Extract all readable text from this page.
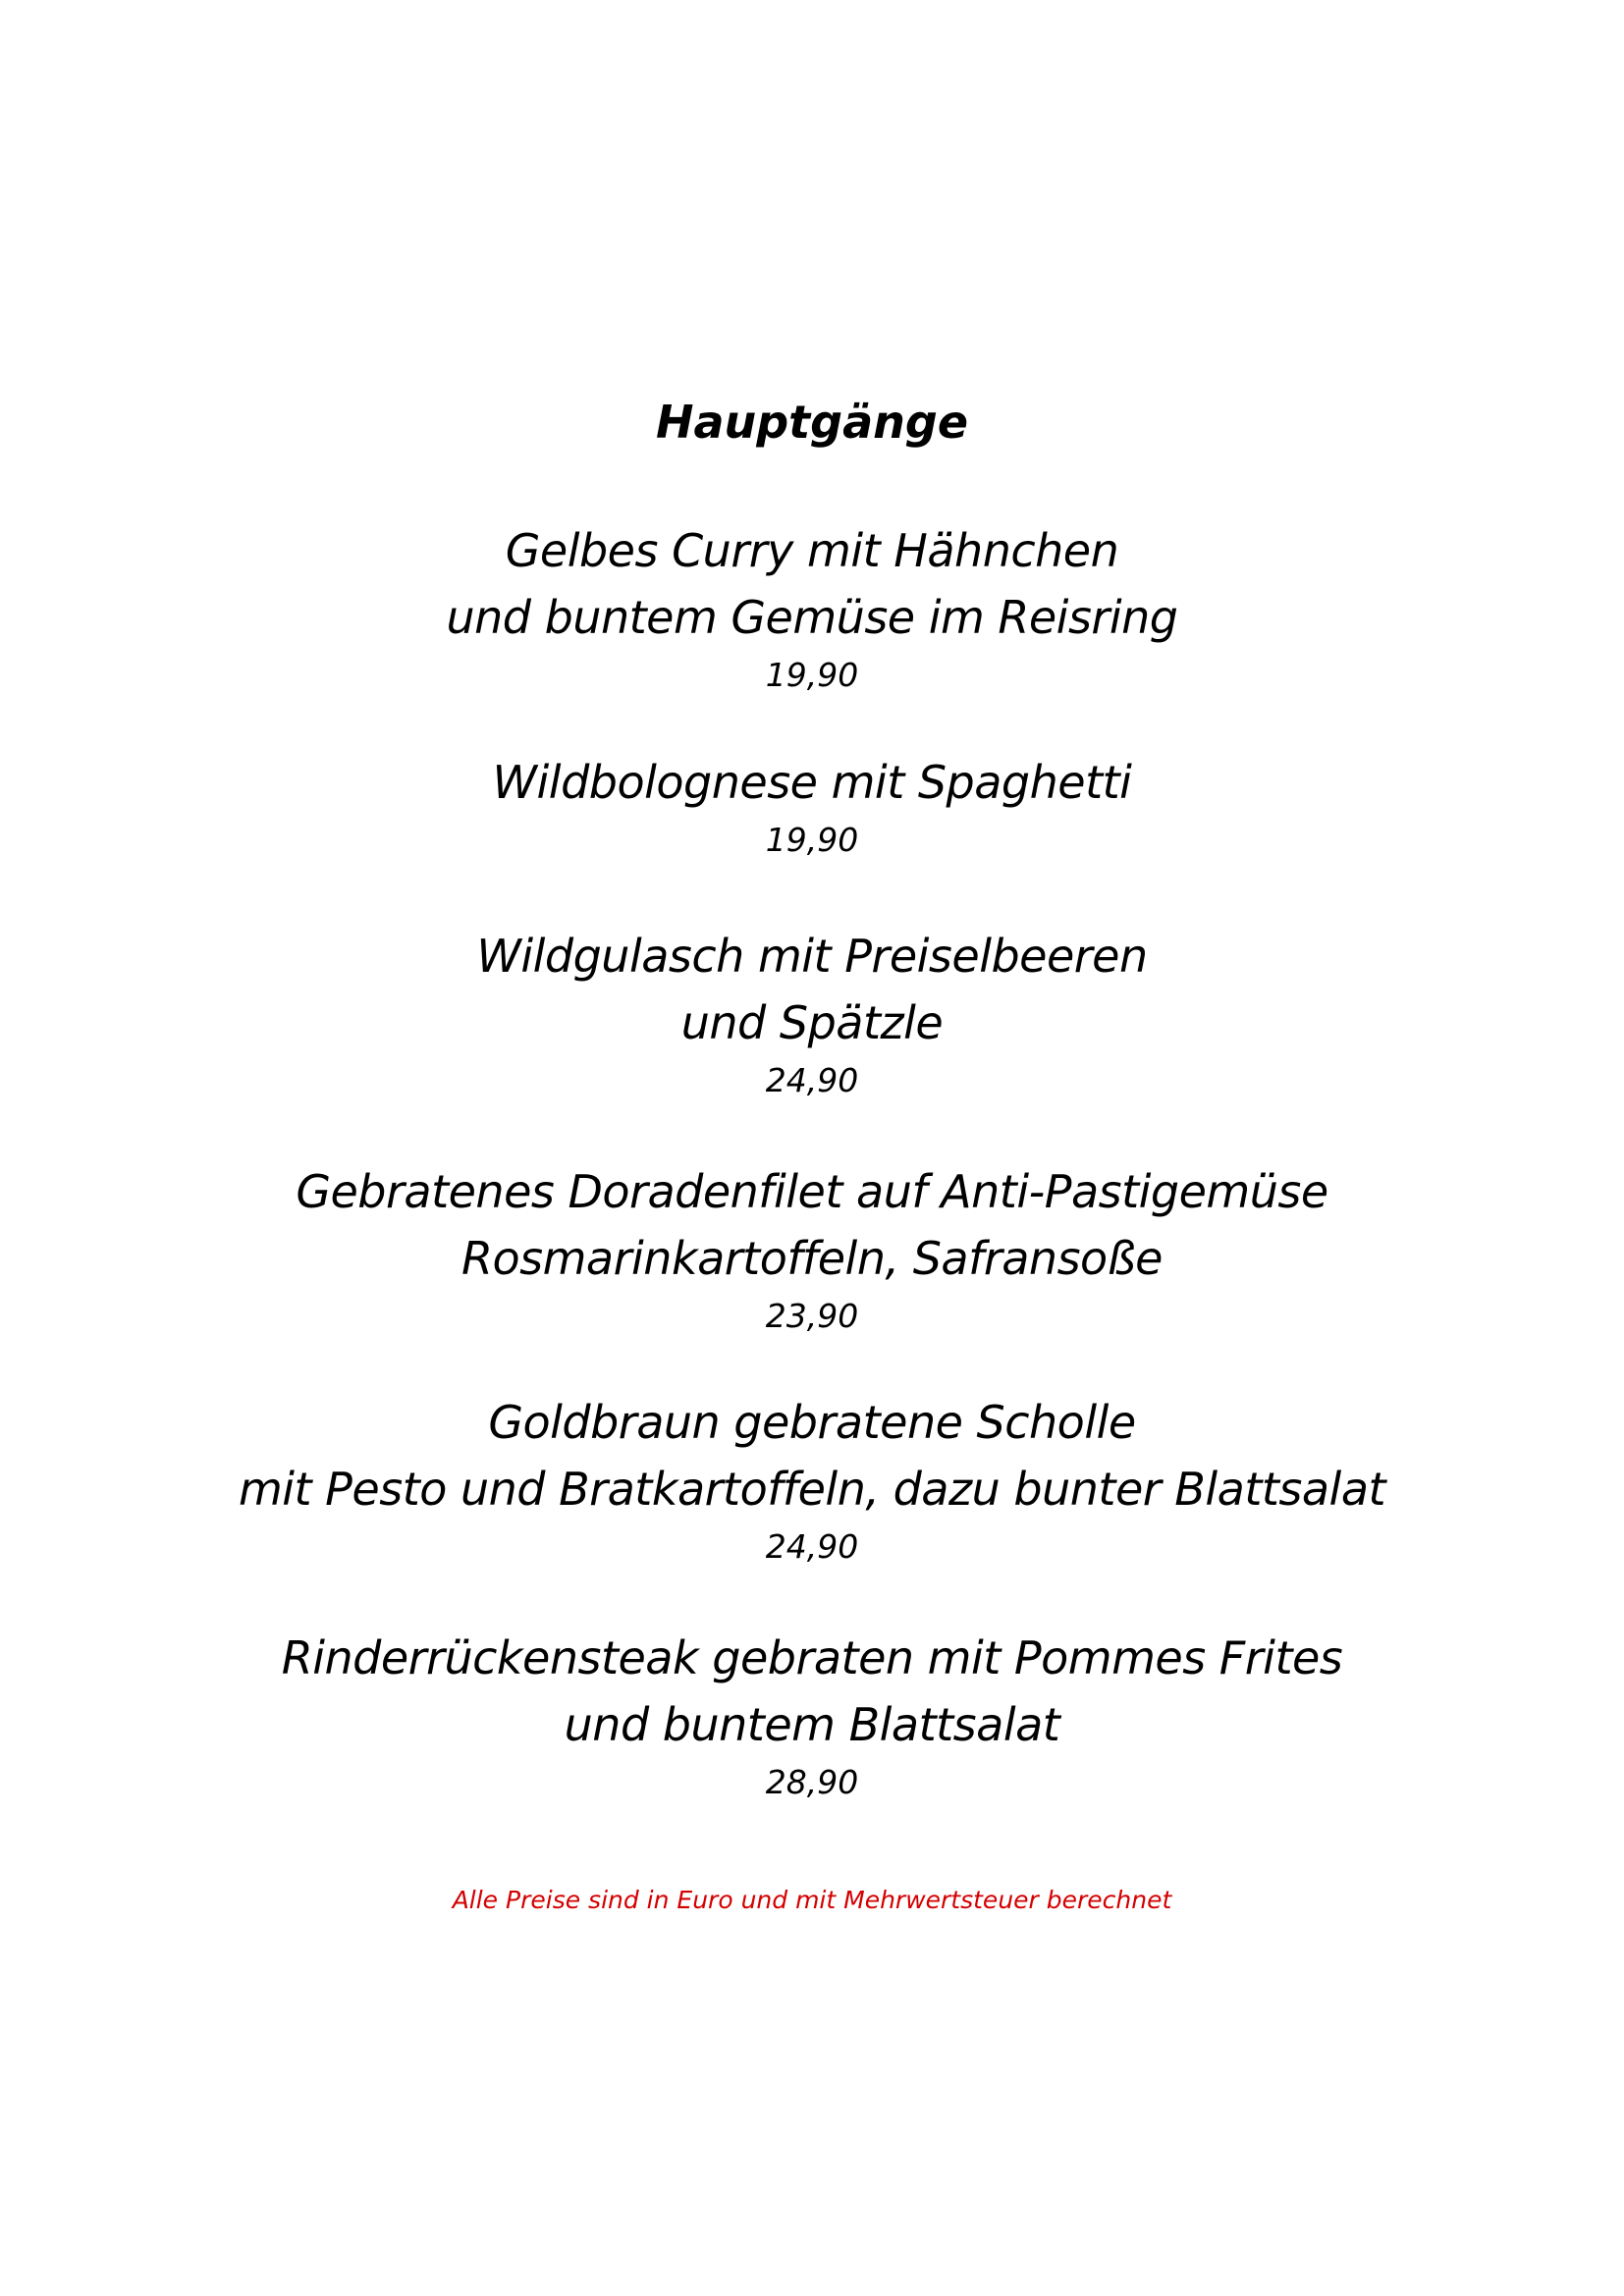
Hauptgänge
Gelbes Curry mit Hähnchen
und buntem Gemüse im Reisring
19,90
Wildbolognese mit Spaghetti
19,90
Wildgulasch mit Preiselbeeren
und Spätzle
24,90
Gebratenes Doradenfilet auf Anti-Pastigemüse
Rosmarinkartoffeln, Safransoße
23,90
Goldbraun gebratene Scholle
mit Pesto und Bratkartoffeln, dazu bunter Blattsalat
24,90
Rinderrückensteak gebraten mit Pommes Frites
und buntem Blattsalat
28,90
Alle Preise sind in Euro und mit Mehrwertsteuer berechnet
